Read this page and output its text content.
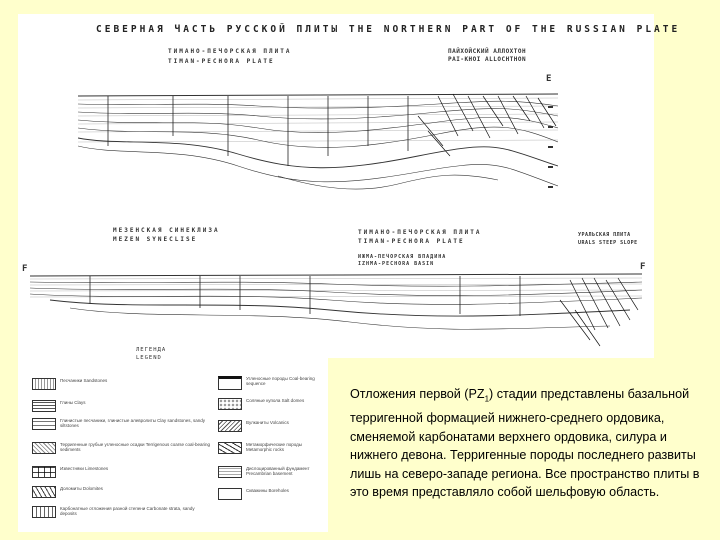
СЕВЕРНАЯ ЧАСТЬ РУССКОЙ ПЛИТЫ THE NORTHERN PART OF THE RUSSIAN PLATE
ТИМАНО-ПЕЧОРСКАЯ ПЛИТА
TIMAN-PECHORA PLATE
ПАЙХОЙСКИЙ АЛЛОХТОН
PAI-KHOI ALLOCHTHON
E
МЕЗЕНСКАЯ СИНЕКЛИЗА
MEZEN SYNECLISE
ТИМАНО-ПЕЧОРСКАЯ ПЛИТА
TIMAN-PECHORA PLATE
ИЖМА-ПЕЧОРСКАЯ ВПАДИНА
IZHMA-PECHORA BASIN
УРАЛЬСКАЯ ПЛИТА
URALS STEEP SLOPE
F	F
ЛЕГЕНДА
LEGEND
Песчаники Sandstones
Глины Clays
Глинистые песчаники, глинистые алевролиты Clay sandstones, sandy siltstones
Терригенные грубые угленосные осадки Terrigenous coarse coal-bearing sediments
Известняки Limestones
Доломиты Dolomites
Карбонатные отложения разной степени Carbonate strata, sandy deposits
Угленосные породы Coal-bearing sequence
Соляные купола Salt domes
Вулканиты Volcanics
Метаморфические породы Metamorphic rocks
Дислоцированный фундамент Precambrian basement
Скважины Boreholes

Отложения первой $(PZ_1)$ стадии представлены базальной терригенной формацией нижнего-среднего ордовика, сменяемой карбонатами верхнего ордовика, силура и нижнего девона. Терригенные породы последнего развиты лишь на северо-западе региона. Все пространство плиты в это время представляло собой шельфовую область.
